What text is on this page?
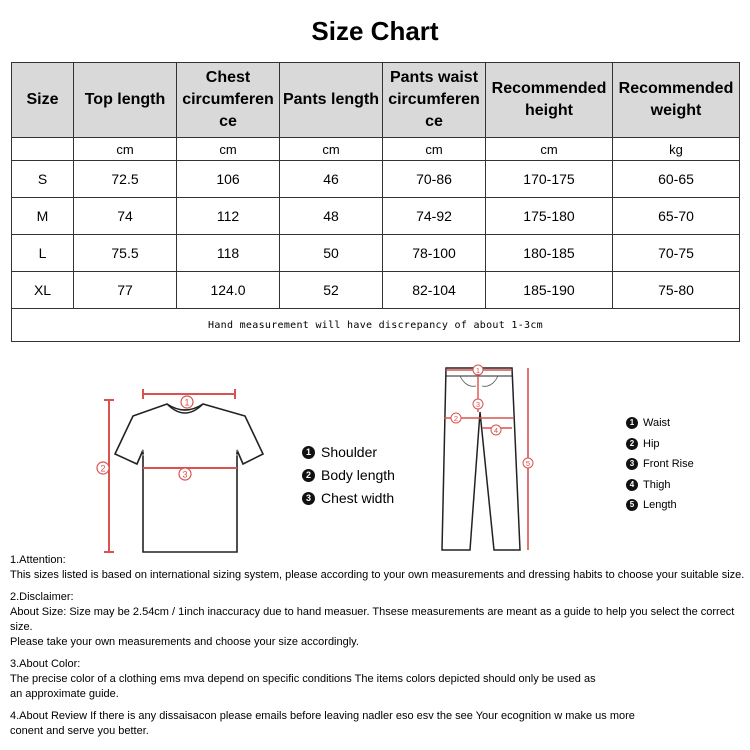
Size Chart
Size	Top length	Chest circumferen ce	Pants length	Pants waist circumferen ce	Recommended height	Recommended weight
	cm	cm	cm	cm	cm	kg
S	72.5	106	46	70-86	170-175	60-65
M	74	112	48	74-92	175-180	65-70
L	75.5	118	50	78-100	180-185	70-75
XL	77	124.0	52	82-104	185-190	75-80
Hand measurement will have discrepancy of about 1-3cm						
1
2
3
1 Shoulder
2 Body length
3 Chest width
1
3
2
4
5
1 Waist
2 Hip
3 Front Rise
4 Thigh
5 Length

1.Attention:

This sizes listed is based on international sizing system, please according to your own measurements and dressing habits to choose your suitable size.

2.Disclaimer:

About Size: Size may be 2.54cm / 1inch inaccuracy due to hand measuer. Thsese measurements are meant as a guide to help you select the correct size.

Please take your own measurements and choose your size accordingly.

3.About Color:

The precise color of a clothing ems mva depend on specific conditions The items colors depicted should only be used as

an approximate guide.

4.About Review If there is any dissaisacon please emails before leaving nadler eso esv the see Your ecognition w make us more

conent and serve you better.
